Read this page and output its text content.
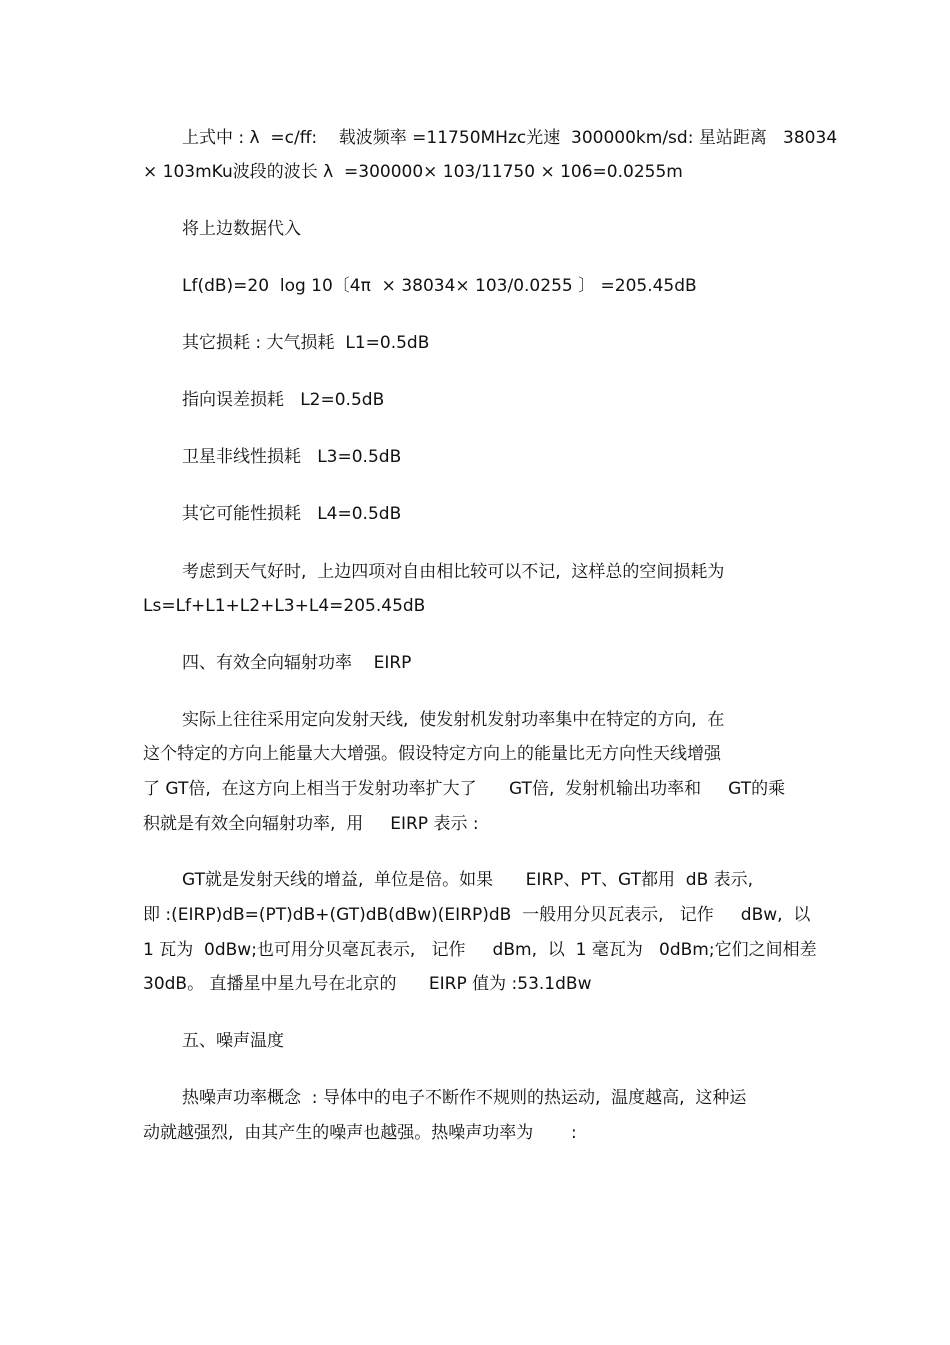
上式中 : λ  =c/ff:    载波频率 =11750MHzc光速  300000km/sd: 星站距离   38034
× 103mKu波段的波长 λ  =300000× 103/11750 × 106=0.0255m
将上边数据代入
Lf(dB)=20  log 10〔4π  × 38034× 103/0.0255 〕 =205.45dB
其它损耗 : 大气损耗  L1=0.5dB
指向误差损耗   L2=0.5dB
卫星非线性损耗   L3=0.5dB
其它可能性损耗   L4=0.5dB
考虑到天气好时,  上边四项对自由相比较可以不记,  这样总的空间损耗为
Ls=Lf+L1+L2+L3+L4=205.45dB
四、有效全向辐射功率    EIRP
实际上往往采用定向发射天线,  使发射机发射功率集中在特定的方向,  在
这个特定的方向上能量大大增强。假设特定方向上的能量比无方向性天线增强
了 GT倍,  在这方向上相当于发射功率扩大了      GT倍,  发射机输出功率和     GT的乘
积就是有效全向辐射功率,  用     EIRP 表示 :
GT就是发射天线的增益,  单位是倍。如果      EIRP、PT、GT都用  dB 表示,
即 :(EIRP)dB=(PT)dB+(GT)dB(dBw)(EIRP)dB  一般用分贝瓦表示,   记作     dBw,  以
1 瓦为  0dBw;也可用分贝毫瓦表示,   记作     dBm,  以  1 毫瓦为   0dBm;它们之间相差
30dB。 直播星中星九号在北京的      EIRP 值为 :53.1dBw
五、噪声温度
热噪声功率概念  : 导体中的电子不断作不规则的热运动,  温度越高,  这种运
动就越强烈,  由其产生的噪声也越强。热噪声功率为       :
